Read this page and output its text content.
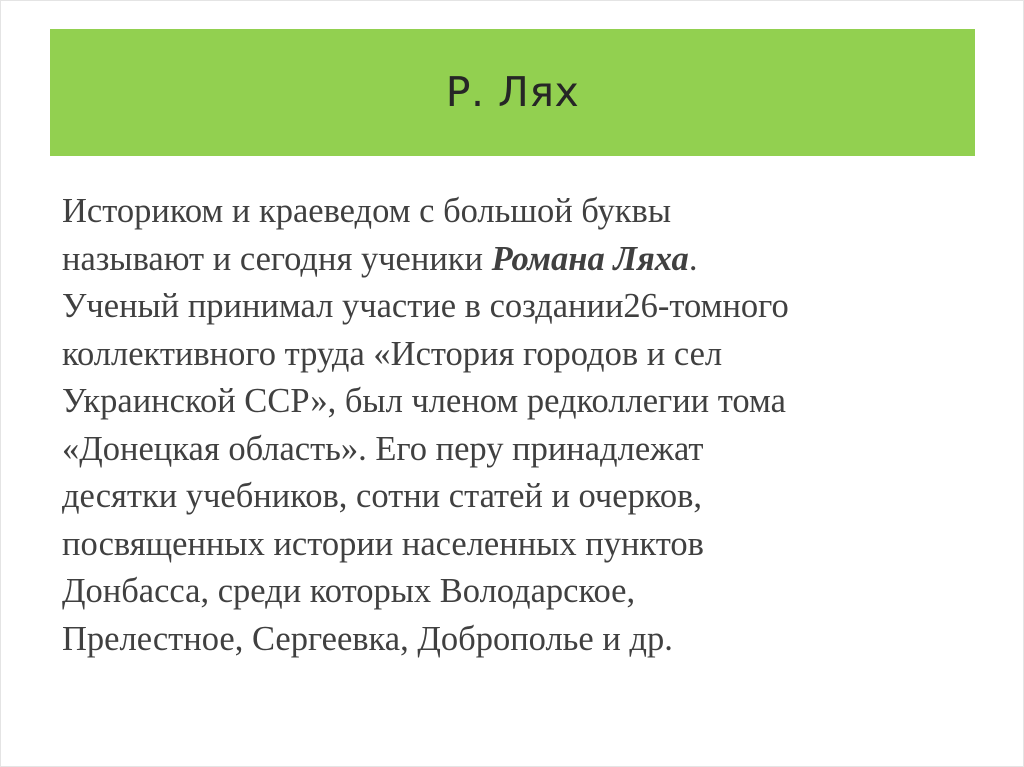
Р. Лях
Историком и краеведом с большой буквы
называют и сегодня ученики Романа Ляха.
Ученый принимал участие в создании26-томного
коллективного труда «История городов и сел
Украинской ССР», был членом редколлегии тома
«Донецкая область». Его перу принадлежат
десятки учебников, сотни статей и очерков,
посвященных истории населенных пунктов
Донбасса, среди которых Володарское,
Прелестное, Сергеевка, Доброполье и др.
